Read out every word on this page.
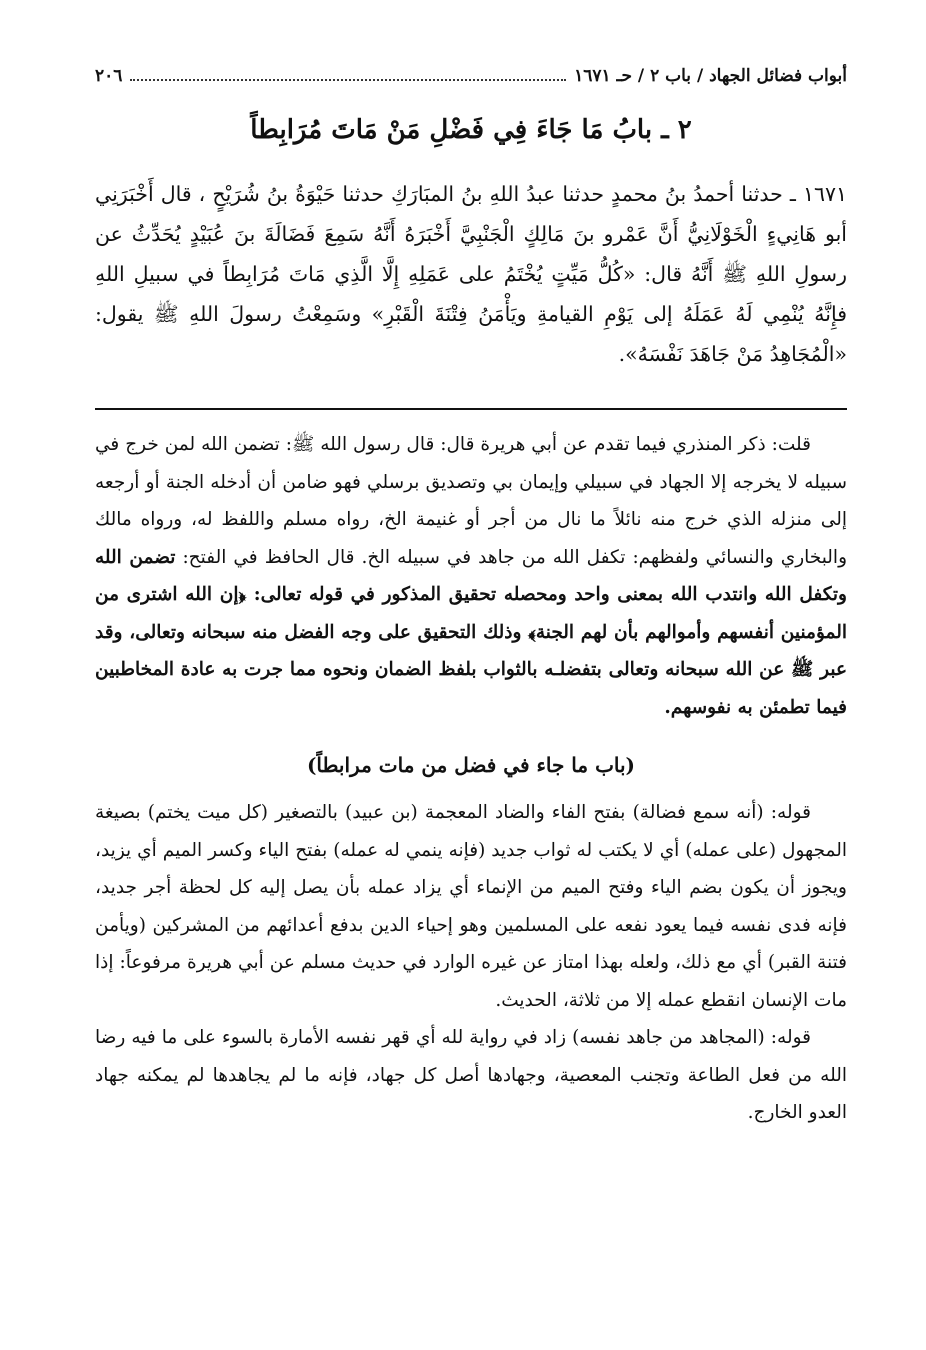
أبواب فضائل الجهاد / باب ٢ / حـ ١٦٧١
٢٠٦
٢ ـ بابُ مَا جَاءَ فِي فَضْلِ مَنْ مَاتَ مُرَابِطاً
١٦٧١ ـ حدثنا أحمدُ بنُ محمدٍ حدثنا عبدُ اللهِ بنُ المبَارَكِ حدثنا حَيْوَةُ بنُ شُرَيْحٍ ، قال أَخْبَرَنِي أبو هَانِيءٍ الْخَوْلَانِيُّ أَنَّ عَمْرو بنَ مَالِكٍ الْجَنْبِيَّ أَخْبَرَهُ أَنَّهُ سَمِعَ فَضَالَةَ بنَ عُبَيْدٍ يُحَدِّثُ عن رسولِ اللهِ ﷺ أَنَّهُ قال: «كُلُّ مَيِّتٍ يُخْتَمُ على عَمَلِهِ إِلَّا الَّذِي مَاتَ مُرَابِطاً في سبيلِ اللهِ فإِنَّهُ يُنْمِي لَهُ عَمَلَهُ إلى يَوْمِ القيامةِ ويَأْمَنُ فِتْنَةَ الْقَبْرِ» وسَمِعْتُ رسولَ اللهِ ﷺ يقول: «الْمُجَاهِدُ مَنْ جَاهَدَ نَفْسَهُ».

قلت: ذكر المنذري فيما تقدم عن أبي هريرة قال: قال رسول الله ﷺ: تضمن الله لمن خرج في سبيله لا يخرجه إلا الجهاد في سبيلي وإيمان بي وتصديق برسلي فهو ضامن أن أدخله الجنة أو أرجعه إلى منزله الذي خرج منه نائلاً ما نال من أجر أو غنيمة الخ، رواه مسلم واللفظ له، ورواه مالك والبخاري والنسائي ولفظهم: تكفل الله من جاهد في سبيله الخ. قال الحافظ في الفتح: تضمن الله وتكفل الله وانتدب الله بمعنى واحد ومحصله تحقيق المذكور في قوله تعالى: ﴿إن الله اشترى من المؤمنين أنفسهم وأموالهم بأن لهم الجنة﴾ وذلك التحقيق على وجه الفضل منه سبحانه وتعالى، وقد عبر ﷺ عن الله سبحانه وتعالى بتفضلـه بالثواب بلفظ الضمان ونحوه مما جرت به عادة المخاطبين فيما تطمئن به نفوسهم.

(باب ما جاء في فضل من مات مرابطاً)

قوله: (أنه سمع فضالة) بفتح الفاء والضاد المعجمة (بن عبيد) بالتصغير (كل ميت يختم) بصيغة المجهول (على عمله) أي لا يكتب له ثواب جديد (فإنه ينمي له عمله) بفتح الياء وكسر الميم أي يزيد، ويجوز أن يكون بضم الياء وفتح الميم من الإنماء أي يزاد عمله بأن يصل إليه كل لحظة أجر جديد، فإنه فدى نفسه فيما يعود نفعه على المسلمين وهو إحياء الدين بدفع أعدائهم من المشركين (ويأمن فتنة القبر) أي مع ذلك، ولعله بهذا امتاز عن غيره الوارد في حديث مسلم عن أبي هريرة مرفوعاً: إذا مات الإنسان انقطع عمله إلا من ثلاثة، الحديث.

قوله: (المجاهد من جاهد نفسه) زاد في رواية لله أي قهر نفسه الأمارة بالسوء على ما فيه رضا الله من فعل الطاعة وتجنب المعصية، وجهادها أصل كل جهاد، فإنه ما لم يجاهدها لم يمكنه جهاد العدو الخارج.
